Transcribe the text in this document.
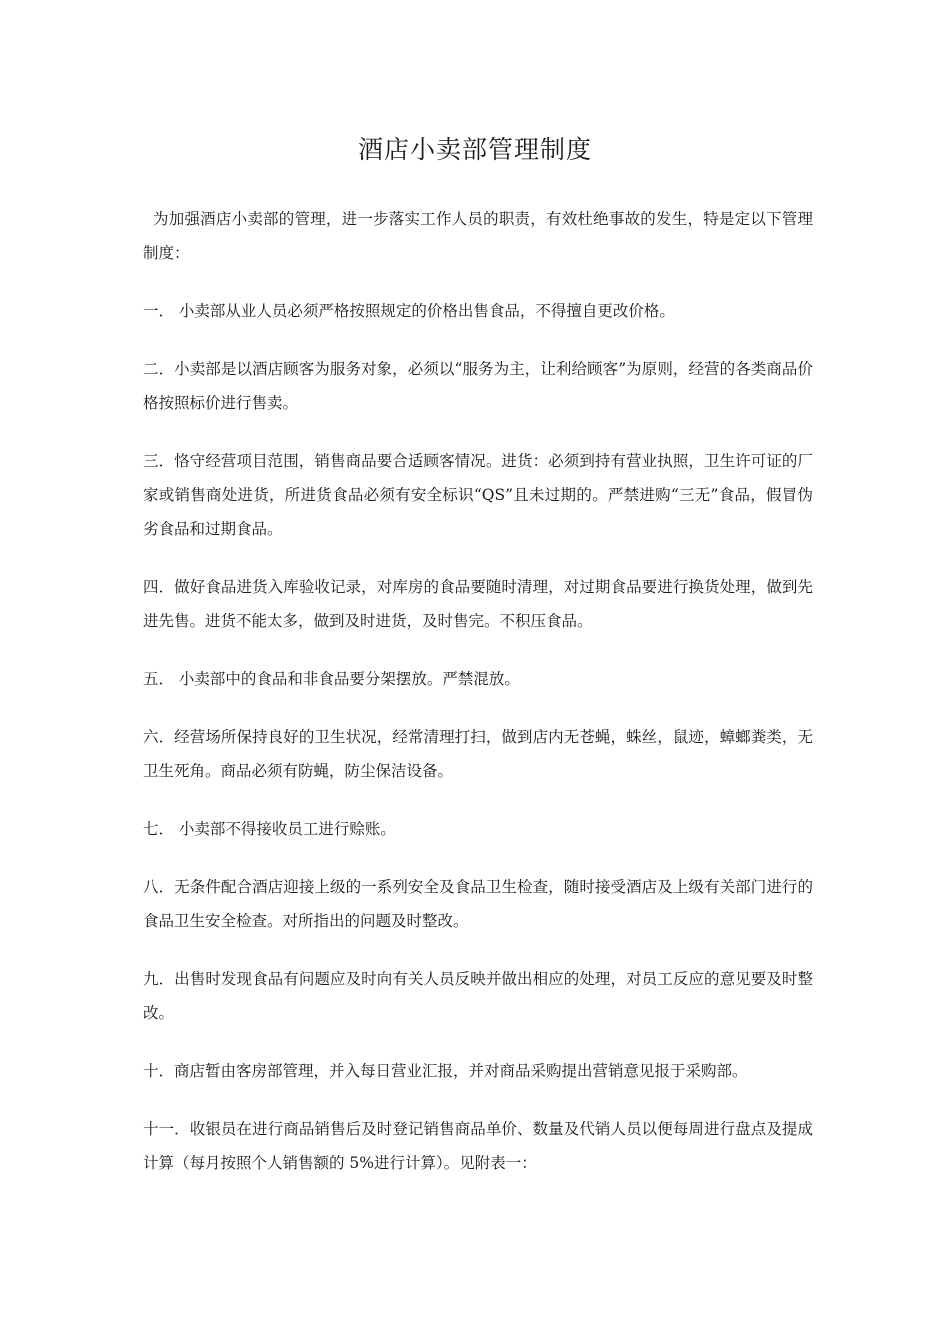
酒店小卖部管理制度

为加强酒店小卖部的管理，进一步落实工作人员的职责，有效杜绝事故的发生，特是定以下管理制度：

一． 小卖部从业人员必须严格按照规定的价格出售食品，不得擅自更改价格。

二．小卖部是以酒店顾客为服务对象，必须以“服务为主，让利给顾客”为原则，经营的各类商品价格按照标价进行售卖。

三．恪守经营项目范围，销售商品要合适顾客情况。进货：必须到持有营业执照，卫生许可证的厂家或销售商处进货，所进货食品必须有安全标识“QS”且未过期的。严禁进购“三无”食品，假冒伪劣食品和过期食品。

四．做好食品进货入库验收记录，对库房的食品要随时清理，对过期食品要进行换货处理，做到先进先售。进货不能太多，做到及时进货，及时售完。不积压食品。

五． 小卖部中的食品和非食品要分架摆放。严禁混放。

六．经营场所保持良好的卫生状况，经常清理打扫，做到店内无苍蝇，蛛丝，鼠迹，蟑螂粪类，无卫生死角。商品必须有防蝇，防尘保洁设备。

七． 小卖部不得接收员工进行赊账。

八．无条件配合酒店迎接上级的一系列安全及食品卫生检查，随时接受酒店及上级有关部门进行的食品卫生安全检查。对所指出的问题及时整改。

九．出售时发现食品有问题应及时向有关人员反映并做出相应的处理，对员工反应的意见要及时整改。

十．商店暂由客房部管理，并入每日营业汇报，并对商品采购提出营销意见报于采购部。

十一．收银员在进行商品销售后及时登记销售商品单价、数量及代销人员以便每周进行盘点及提成计算（每月按照个人销售额的 5%进行计算）。见附表一：
